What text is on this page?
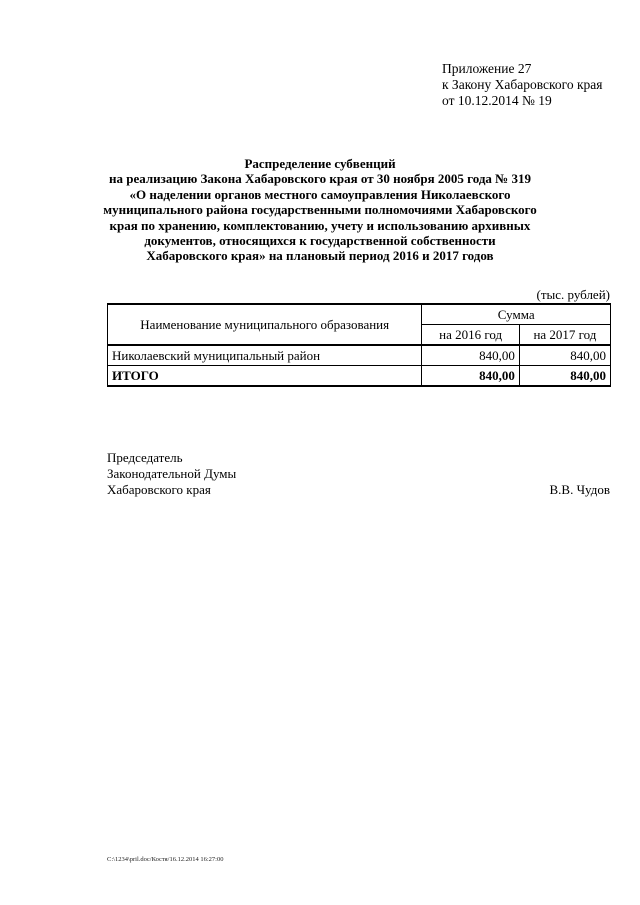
Приложение 27
к Закону Хабаровского края
от 10.12.2014 № 19
Распределение субвенций
на реализацию Закона Хабаровского края от 30 ноября 2005 года № 319
«О наделении органов местного самоуправления Николаевского
муниципального района государственными полномочиями Хабаровского
края по хранению, комплектованию, учету и использованию архивных
документов, относящихся к государственной собственности
Хабаровского края» на плановый период 2016 и 2017 годов
(тыс. рублей)
Наименование муниципального образования	Сумма	
	на 2016 год	на 2017 год
Николаевский муниципальный район	840,00	840,00
ИТОГО	840,00	840,00
Председатель
Законодательной Думы
Хабаровского края	В.В. Чудов
C:\1234\pril.doc/Костя/16.12.2014 16:27:00
